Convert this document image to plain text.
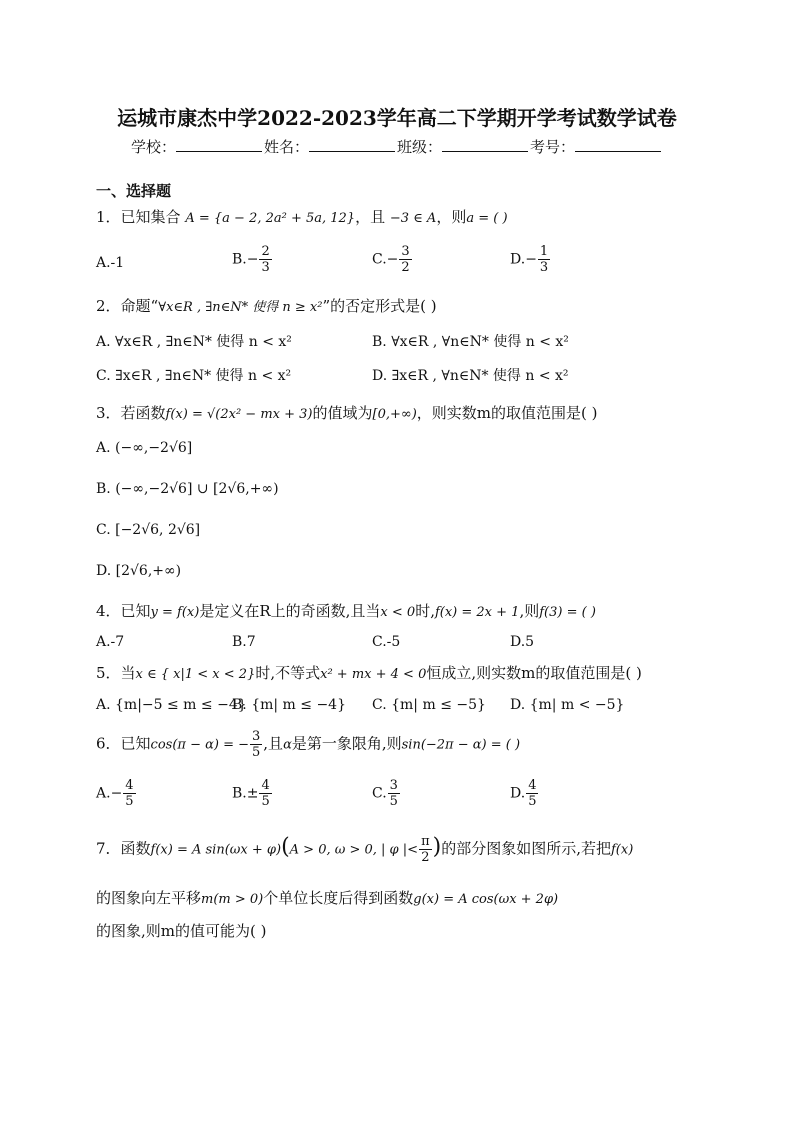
运城市康杰中学2022-2023学年高二下学期开学考试数学试卷
学校：	姓名：	班级：	考号：
一、选择题
1．已知集合 A = {a − 2, 2a² + 5a, 12}，且 −3 ∈ A，则a = ( )
A.-1	$B.- \frac{2}{3}$	$C.- \frac{3}{2}$	$D.- \frac{1}{3}$
2．命题“∀x∈R , ∃n∈N* 使得 n ≥ x²”的否定形式是( )
A. ∀x∈R , ∃n∈N* 使得 n < x²	B. ∀x∈R , ∀n∈N* 使得 n < x²
C. ∃x∈R , ∃n∈N* 使得 n < x²	D. ∃x∈R , ∀n∈N* 使得 n < x²
3．若函数f(x) = √(2x² − mx + 3)的值域为[0,+∞)，则实数m的取值范围是( )
A. (−∞,−2√6]
B. (−∞,−2√6] ∪ [2√6,+∞)
C. [−2√6, 2√6]
D. [2√6,+∞)
4．已知y = f(x)是定义在R上的奇函数,且当x < 0时,f(x) = 2x + 1,则f(3) = ( )
A.-7	B.7	C.-5	D.5
5．当x ∈ { x|1 < x < 2}时,不等式x² + mx + 4 < 0恒成立,则实数m的取值范围是( )
A. {m|−5 ≤ m ≤ −4}
B. {m| m ≤ −4} C. {m| m ≤ −5} D. {m| m < −5}
6．已知cos(π − α) = − $\frac{3}{5}$ ,且α是第一象限角,则sin(−2π − α) = ( )
$A.- \frac{4}{5}$	$B.\pm \frac{4}{5}$	C. $\frac{3}{5}$	D. $\frac{4}{5}$
7．函数f(x) = A sin(ωx + φ)(A > 0, ω > 0, | φ |< $\frac{\pi}{2}$ )的部分图象如图所示,若把f(x)
的图象向左平移m(m > 0)个单位长度后得到函数g(x) = A cos(ωx + 2φ)
的图象,则m的值可能为( )
